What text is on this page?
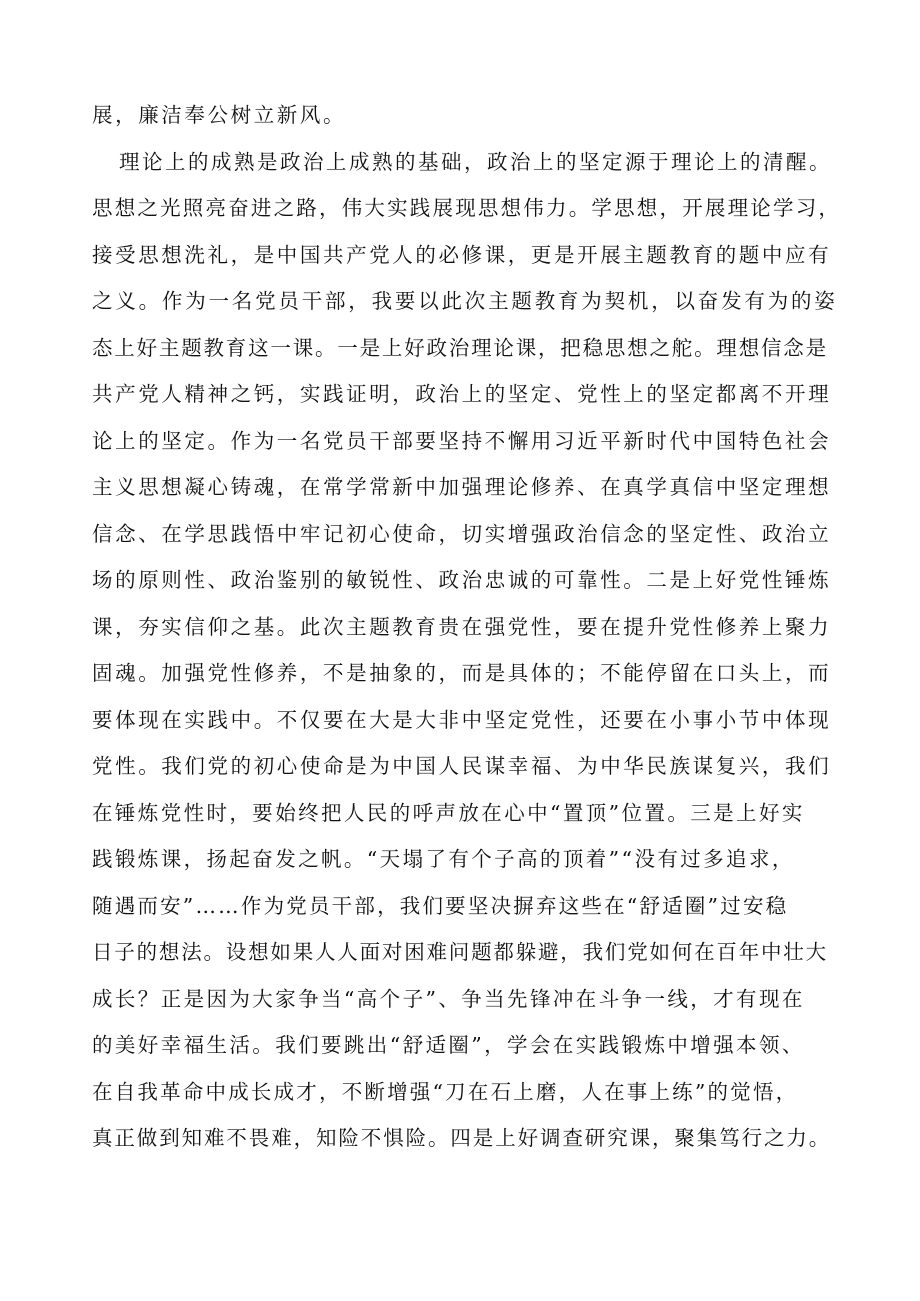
展，廉洁奉公树立新风。
理论上的成熟是政治上成熟的基础，政治上的坚定源于理论上的清醒。
思想之光照亮奋进之路，伟大实践展现思想伟力。学思想，开展理论学习，
接受思想洗礼，是中国共产党人的必修课，更是开展主题教育的题中应有
之义。作为一名党员干部，我要以此次主题教育为契机，以奋发有为的姿
态上好主题教育这一课。一是上好政治理论课，把稳思想之舵。理想信念是
共产党人精神之钙，实践证明，政治上的坚定、党性上的坚定都离不开理
论上的坚定。作为一名党员干部要坚持不懈用习近平新时代中国特色社会
主义思想凝心铸魂，在常学常新中加强理论修养、在真学真信中坚定理想
信念、在学思践悟中牢记初心使命，切实增强政治信念的坚定性、政治立
场的原则性、政治鉴别的敏锐性、政治忠诚的可靠性。二是上好党性锤炼
课，夯实信仰之基。此次主题教育贵在强党性，要在提升党性修养上聚力
固魂。加强党性修养，不是抽象的，而是具体的；不能停留在口头上，而
要体现在实践中。不仅要在大是大非中坚定党性，还要在小事小节中体现
党性。我们党的初心使命是为中国人民谋幸福、为中华民族谋复兴，我们
在锤炼党性时，要始终把人民的呼声放在心中“置顶”位置。三是上好实
践锻炼课，扬起奋发之帆。“天塌了有个子高的顶着”“没有过多追求，
随遇而安”……作为党员干部，我们要坚决摒弃这些在“舒适圈”过安稳
日子的想法。设想如果人人面对困难问题都躲避，我们党如何在百年中壮大
成长？正是因为大家争当“高个子”、争当先锋冲在斗争一线，才有现在
的美好幸福生活。我们要跳出“舒适圈”，学会在实践锻炼中增强本领、
在自我革命中成长成才，不断增强“刀在石上磨，人在事上练”的觉悟，
真正做到知难不畏难，知险不惧险。四是上好调查研究课，聚集笃行之力。
